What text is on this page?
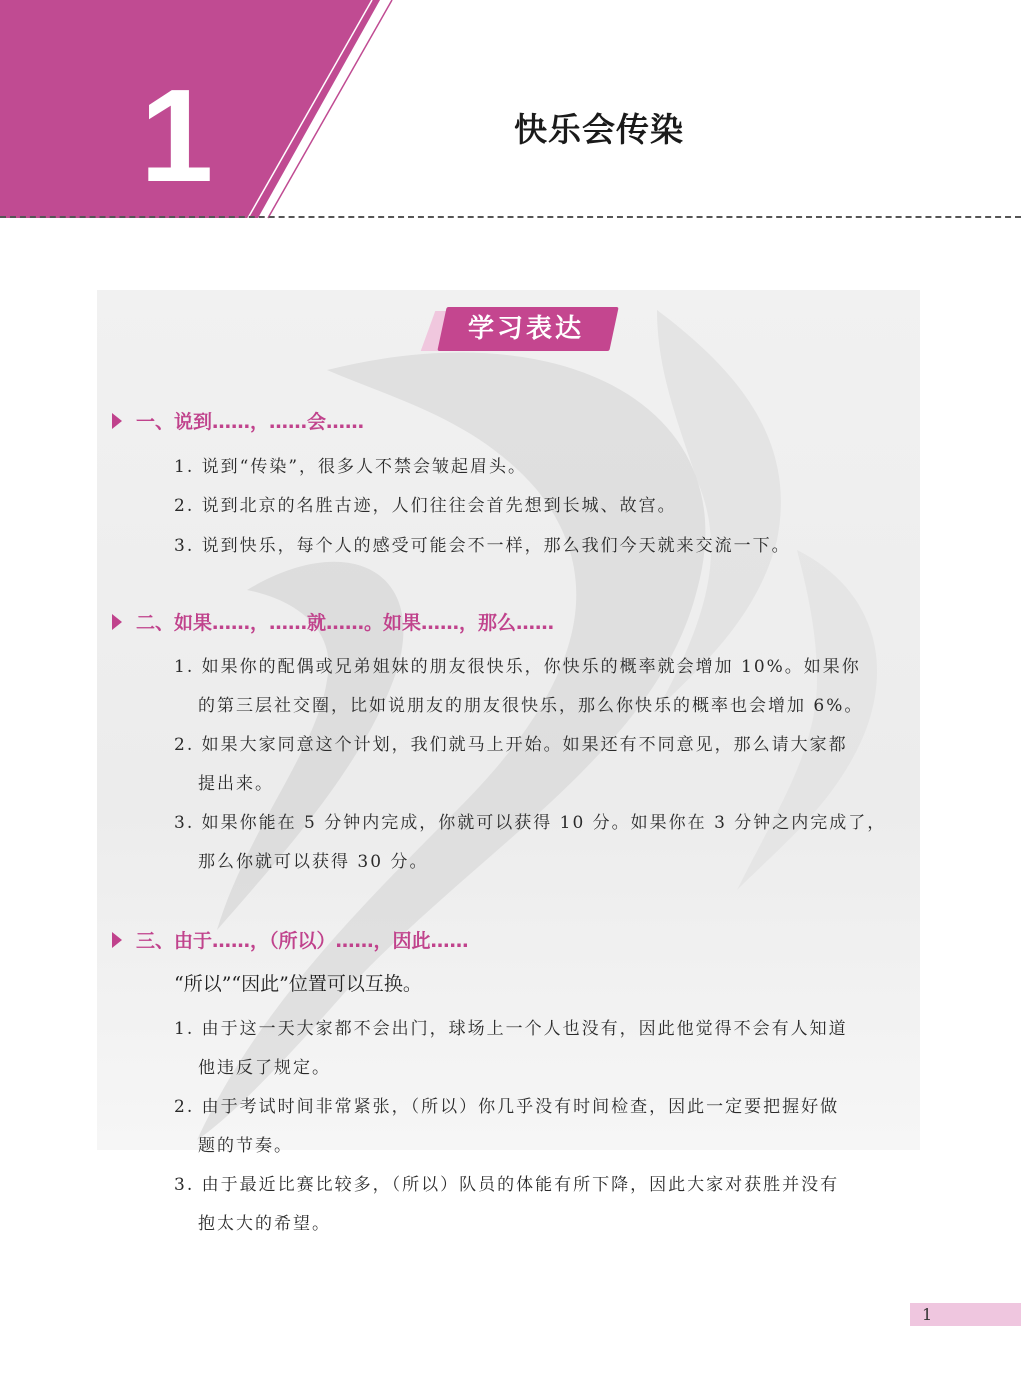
1	快乐会传染
学习表达
一、说到……，……会……
1. 说到“传染”，很多人不禁会皱起眉头。
2. 说到北京的名胜古迹，人们往往会首先想到长城、故宫。
3. 说到快乐，每个人的感受可能会不一样，那么我们今天就来交流一下。
二、如果……，……就……。如果……，那么……
1. 如果你的配偶或兄弟姐妹的朋友很快乐，你快乐的概率就会增加 10%。如果你
的第三层社交圈，比如说朋友的朋友很快乐，那么你快乐的概率也会增加 6%。
2. 如果大家同意这个计划，我们就马上开始。如果还有不同意见，那么请大家都
提出来。
3. 如果你能在 5 分钟内完成，你就可以获得 10 分。如果你在 3 分钟之内完成了，
那么你就可以获得 30 分。
三、由于……，（所以）……，因此……
“所以”“因此”位置可以互换。
1. 由于这一天大家都不会出门，球场上一个人也没有，因此他觉得不会有人知道
他违反了规定。
2. 由于考试时间非常紧张，（所以）你几乎没有时间检查，因此一定要把握好做
题的节奏。
3. 由于最近比赛比较多，（所以）队员的体能有所下降，因此大家对获胜并没有
抱太大的希望。
1
